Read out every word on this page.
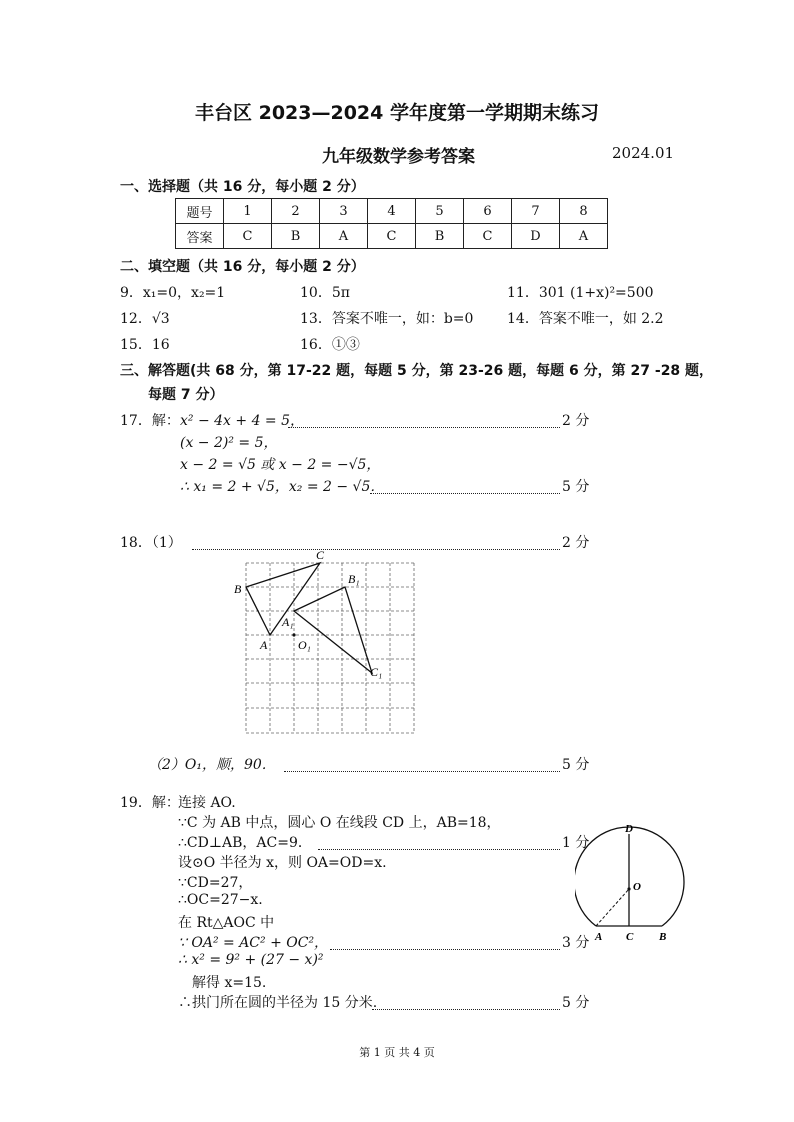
丰台区 2023—2024 学年度第一学期期末练习
九年级数学参考答案	2024.01
一、选择题（共 16 分，每小题 2 分）
题号	1	2	3	4	5	6	7	8
答案	C	B	A	C	B	C	D	A
二、填空题（共 16 分，每小题 2 分）
9．x₁=0，x₂=1	10．5π	11．301 (1+x)²=500
12．√3	13．答案不唯一，如：b=0 14．答案不唯一，如 2.2
15．16	16．①③
三、解答题(共 68 分，第 17-22 题，每题 5 分，第 23-26 题，每题 6 分，第 27 -28 题，
每题 7 分）
17．解： x² − 4x + 4 = 5，	2 分
(x − 2)² = 5，
x − 2 = √5 或 x − 2 = −√5，
∴ x₁ = 2 + √5，x₂ = 2 − √5．	5 分
18．（1）	2 分
C
B
A
B₁
A₁
O₁
C₁
（2）O₁，顺，90．	5 分
19．解：
连接 AO.
∵C 为 AB 中点，圆心 O 在线段 CD 上，AB=18，
∴CD⊥AB，AC=9．	1 分
设⊙O 半径为 x，则 OA=OD=x.
∵CD=27，
∴OC=27−x.
在 Rt△AOC 中
∵ OA² = AC² + OC²，	3 分
∴ x² = 9² + (27 − x)²
解得 x=15.
∴拱门所在圆的半径为 15 分米.	5 分
D
O
A C B
第 1 页 共 4 页
